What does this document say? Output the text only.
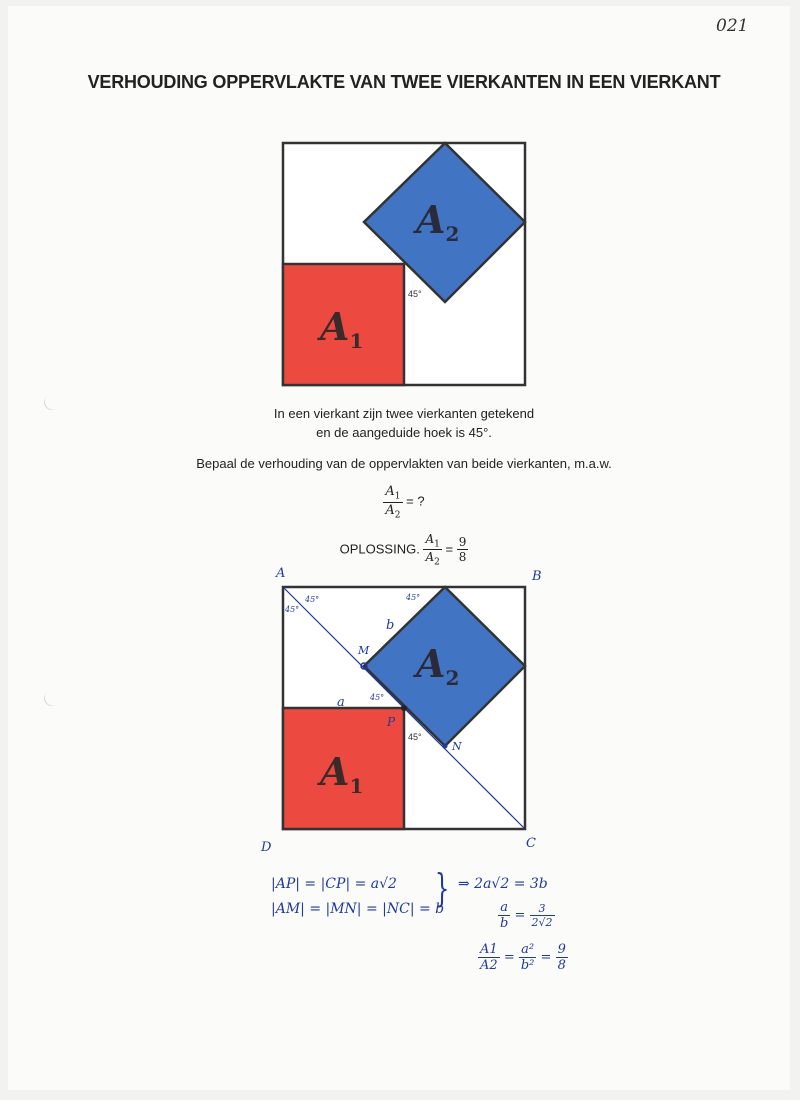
021
VERHOUDING OPPERVLAKTE VAN TWEE VIERKANTEN IN EEN VIERKANT
$A_1$
$A_2$
45°
In een vierkant zijn twee vierkanten getekend
en de aangeduide hoek is 45°.
Bepaal de verhouding van de oppervlakten van beide vierkanten, m.a.w.
$\frac{A_1}{A_2}$ = ?
OPLOSSING. $\frac{A_1}{A_2} = \frac{9}{8}$
$A_1$
$A_2$
45°
A	B
C
D
M
N
P
a
b
45°
45°	45°
45°
|AP| = |CP| = a√2
|AM| = |MN| = |NC| = b
} ⇒ 2a√2 = 3b
$\frac{a}{b} = \frac{3}{2√2}$
$\frac{A1}{A2} = \frac{\text{a²}}{\text{b²}} = \frac{9}{8}$
